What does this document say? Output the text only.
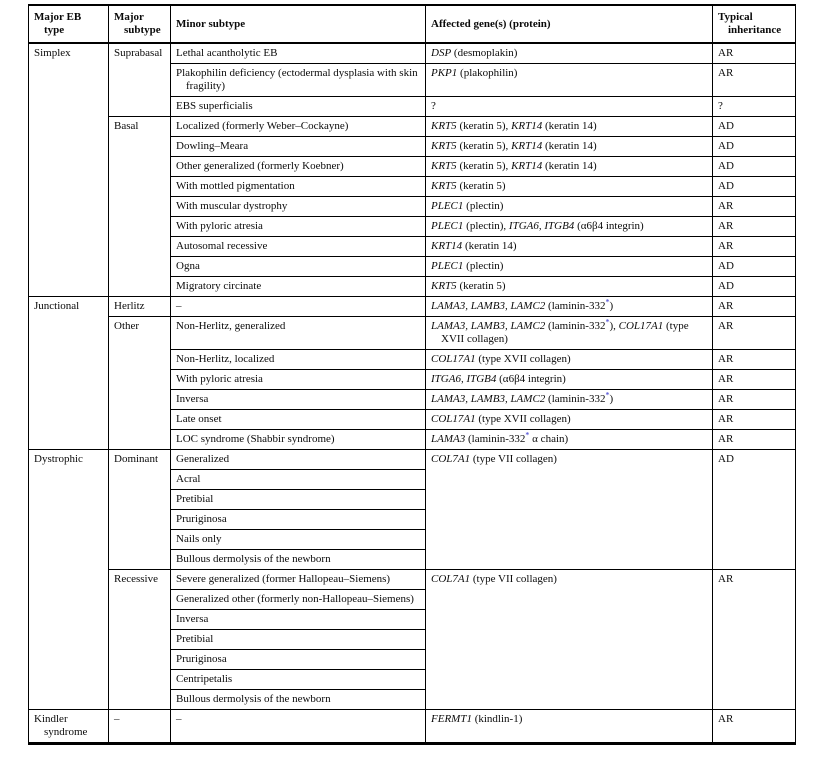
Major EB type	Major subtype	Minor subtype	Affected gene(s) (protein)	Typical inheritance
Simplex	Suprabasal	Lethal acantholytic EB	DSP (desmoplakin)	AR
		Plakophilin deficiency (ectodermal dysplasia with skin fragility)	PKP1 (plakophilin)	AR
		EBS superficialis	?	?
	Basal	Localized (formerly Weber–Cockayne)	KRT5 (keratin 5), KRT14 (keratin 14)	AD
		Dowling–Meara	KRT5 (keratin 5), KRT14 (keratin 14)	AD
		Other generalized (formerly Koebner)	KRT5 (keratin 5), KRT14 (keratin 14)	AD
		With mottled pigmentation	KRT5 (keratin 5)	AD
		With muscular dystrophy	PLEC1 (plectin)	AR
		With pyloric atresia	PLEC1 (plectin), ITGA6, ITGB4 (α6β4 integrin)	AR
		Autosomal recessive	KRT14 (keratin 14)	AR
		Ogna	PLEC1 (plectin)	AD
		Migratory circinate	KRT5 (keratin 5)	AD
Junctional	Herlitz	–	LAMA3, LAMB3, LAMC2 (laminin-332*)	AR
	Other	Non-Herlitz, generalized	LAMA3, LAMB3, LAMC2 (laminin-332*), COL17A1 (type XVII collagen)	AR
		Non-Herlitz, localized	COL17A1 (type XVII collagen)	AR
		With pyloric atresia	ITGA6, ITGB4 (α6β4 integrin)	AR
		Inversa	LAMA3, LAMB3, LAMC2 (laminin-332*)	AR
		Late onset	COL17A1 (type XVII collagen)	AR
		LOC syndrome (Shabbir syndrome)	LAMA3 (laminin-332* α chain)	AR
Dystrophic	Dominant	Generalized	COL7A1 (type VII collagen)	AD
		Acral		
		Pretibial		
		Pruriginosa		
		Nails only		
		Bullous dermolysis of the newborn		
	Recessive	Severe generalized (former Hallopeau–Siemens)	COL7A1 (type VII collagen)	AR
		Generalized other (formerly non-Hallopeau–Siemens)		
		Inversa		
		Pretibial		
		Pruriginosa		
		Centripetalis		
		Bullous dermolysis of the newborn		
Kindler syndrome	–	–	FERMT1 (kindlin-1)	AR
